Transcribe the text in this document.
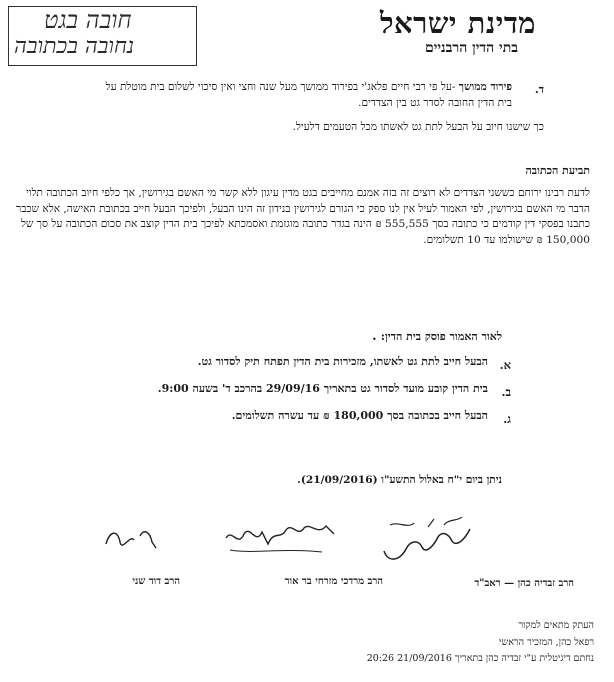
חובה בגט
נחובה בכתובה
מדינת ישראל
בתי הדין הרבניים
ד.
פירוד ממושך -על פי רבי חיים פלאג'י בפירוד ממושך מעל שנה וחצי ואין סיכוי לשלום בית מוטלת על בית הדין החובה לסדר גט בין הצדדים.
כך שישנו חיוב על הבעל לתת גט לאשתו מכל הטעמים דלעיל.
תביעת הכתובה
לדעת רבינו ירוחם כששני הצדדים לא רוצים זה בזה אמנם מחייבים בגט מדין עיגון ללא קשר מי האשם בגירושין, אך כלפי חיוב הכתובה תלוי הדבר מי האשם בגירושין, לפי האמור לעיל אין לנו ספק כי הגורם לגירושין בנידון זה הינו הבעל, ולפיכך הבעל חייב בכתובת האישה, אלא שכבר כתבנו בפסקי דין קודמים כי כתובה בסך 555,555 ₪ הינה בגדר כתובה מוגזמת ואסמכתא לפיכך בית הדין קוצב את סכום הכתובה על סך של 150,000 ₪ שישולמו עד 10 תשלומים.
לאור האמור פוסק בית הדין:
•
א.
הבעל חייב לתת גט לאשתו, מזכירות בית הדין תפתח תיק לסדור גט.
ב.
בית הדין קובע מועד לסדור גט בתאריך 29/09/16 בהרכב ד' בשעה 9:00.
ג.
הבעל חייב בכתובה בסך 180,000 ₪ עד עשרה תשלומים.
ניתן ביום י"ח באלול התשע"ו (21/09/2016).
הרב זבדיה כהן — ראב"ד
הרב מרדכי מזרחי בר אור
הרב דוד שני
העתק מתאים למקור
רפאל כהן, המזכיר הראשי
נחתם דיגיטלית ע"י זבדיה כהן בתאריך 21/09/2016 20:26
